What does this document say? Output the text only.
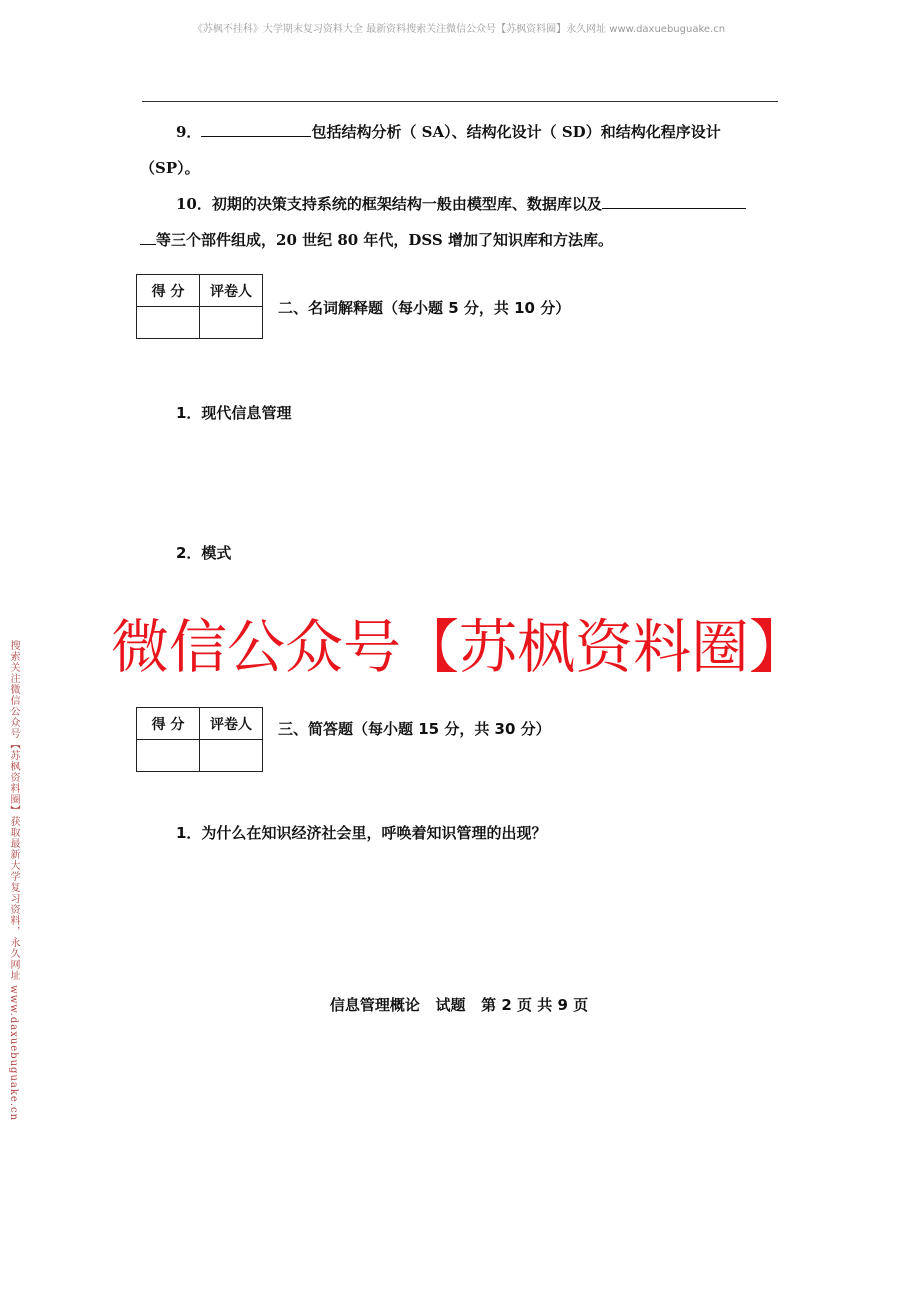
《苏枫不挂科》大学期末复习资料大全 最新资料搜索关注微信公众号【苏枫资料圈】永久网址 www.daxuebuguake.cn
9．	包括结构分析（ SA）、结构化设计（ SD）和结构化程序设计
（SP）。
10．初期的决策支持系统的框架结构一般由模型库、数据库以及
等三个部件组成，20 世纪 80 年代，DSS 增加了知识库和方法库。
得 分	评卷人

二、名词解释题（每小题 5 分，共 10 分）
1．现代信息管理
2．模式
微信公众号【苏枫资料圈】
得 分	评卷人
	三、简答题（每小题 15 分，共 30 分）
1．为什么在知识经济社会里，呼唤着知识管理的出现？
搜索关注微信公众号【苏枫资料圈】获取最新大学复习资料，永久网址 www.daxuebuguake.cn	信息管理概论   试题   第 2 页 共 9 页
